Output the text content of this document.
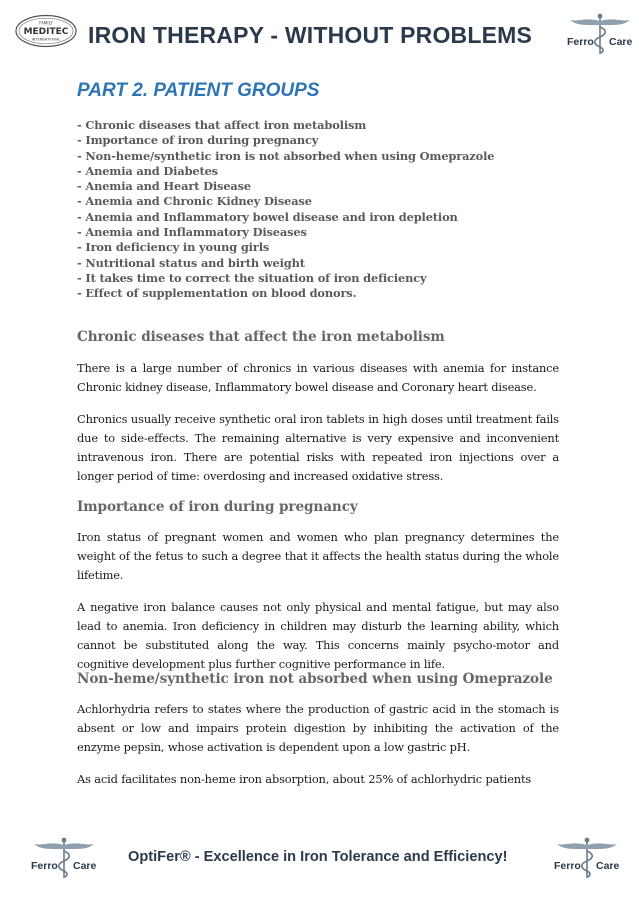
FAMILY
MEDITEC
INTERNATIONAL IRON THERAPY - WITHOUT PROBLEMS	Ferro Care
PART 2. PATIENT GROUPS
- Chronic diseases that affect iron metabolism
- Importance of iron during pregnancy
- Non-heme/synthetic iron is not absorbed when using Omeprazole
- Anemia and Diabetes
- Anemia and Heart Disease
- Anemia and Chronic Kidney Disease
- Anemia and Inflammatory bowel disease and iron depletion
- Anemia and Inflammatory Diseases
- Iron deficiency in young girls
- Nutritional status and birth weight
- It takes time to correct the situation of iron deficiency
- Effect of supplementation on blood donors.
Chronic diseases that affect the iron metabolism

There is a large number of chronics in various diseases with anemia for instance Chronic kidney disease, Inflammatory bowel disease and Coronary heart disease.

Chronics usually receive synthetic oral iron tablets in high doses until treatment fails due to side-effects. The remaining alternative is very expensive and inconvenient intravenous iron. There are potential risks with repeated iron injections over a longer period of time: overdosing and increased oxidative stress.

Importance of iron during pregnancy

Iron status of pregnant women and women who plan pregnancy determines the weight of the fetus to such a degree that it affects the health status during the whole lifetime.

A negative iron balance causes not only physical and mental fatigue, but may also lead to anemia. Iron deficiency in children may disturb the learning ability, which cannot be substituted along the way. This concerns mainly psycho-motor and cognitive development plus further cognitive performance in life.

Non-heme/synthetic iron not absorbed when using Omeprazole

Achlorhydria refers to states where the production of gastric acid in the stomach is absent or low and impairs protein digestion by inhibiting the activation of the enzyme pepsin, whose activation is dependent upon a low gastric pH.

As acid facilitates non-heme iron absorption, about 25% of achlorhydric patients

Ferro Care
OptiFer® - Excellence in Iron Tolerance and Efficiency!
Ferro Care
